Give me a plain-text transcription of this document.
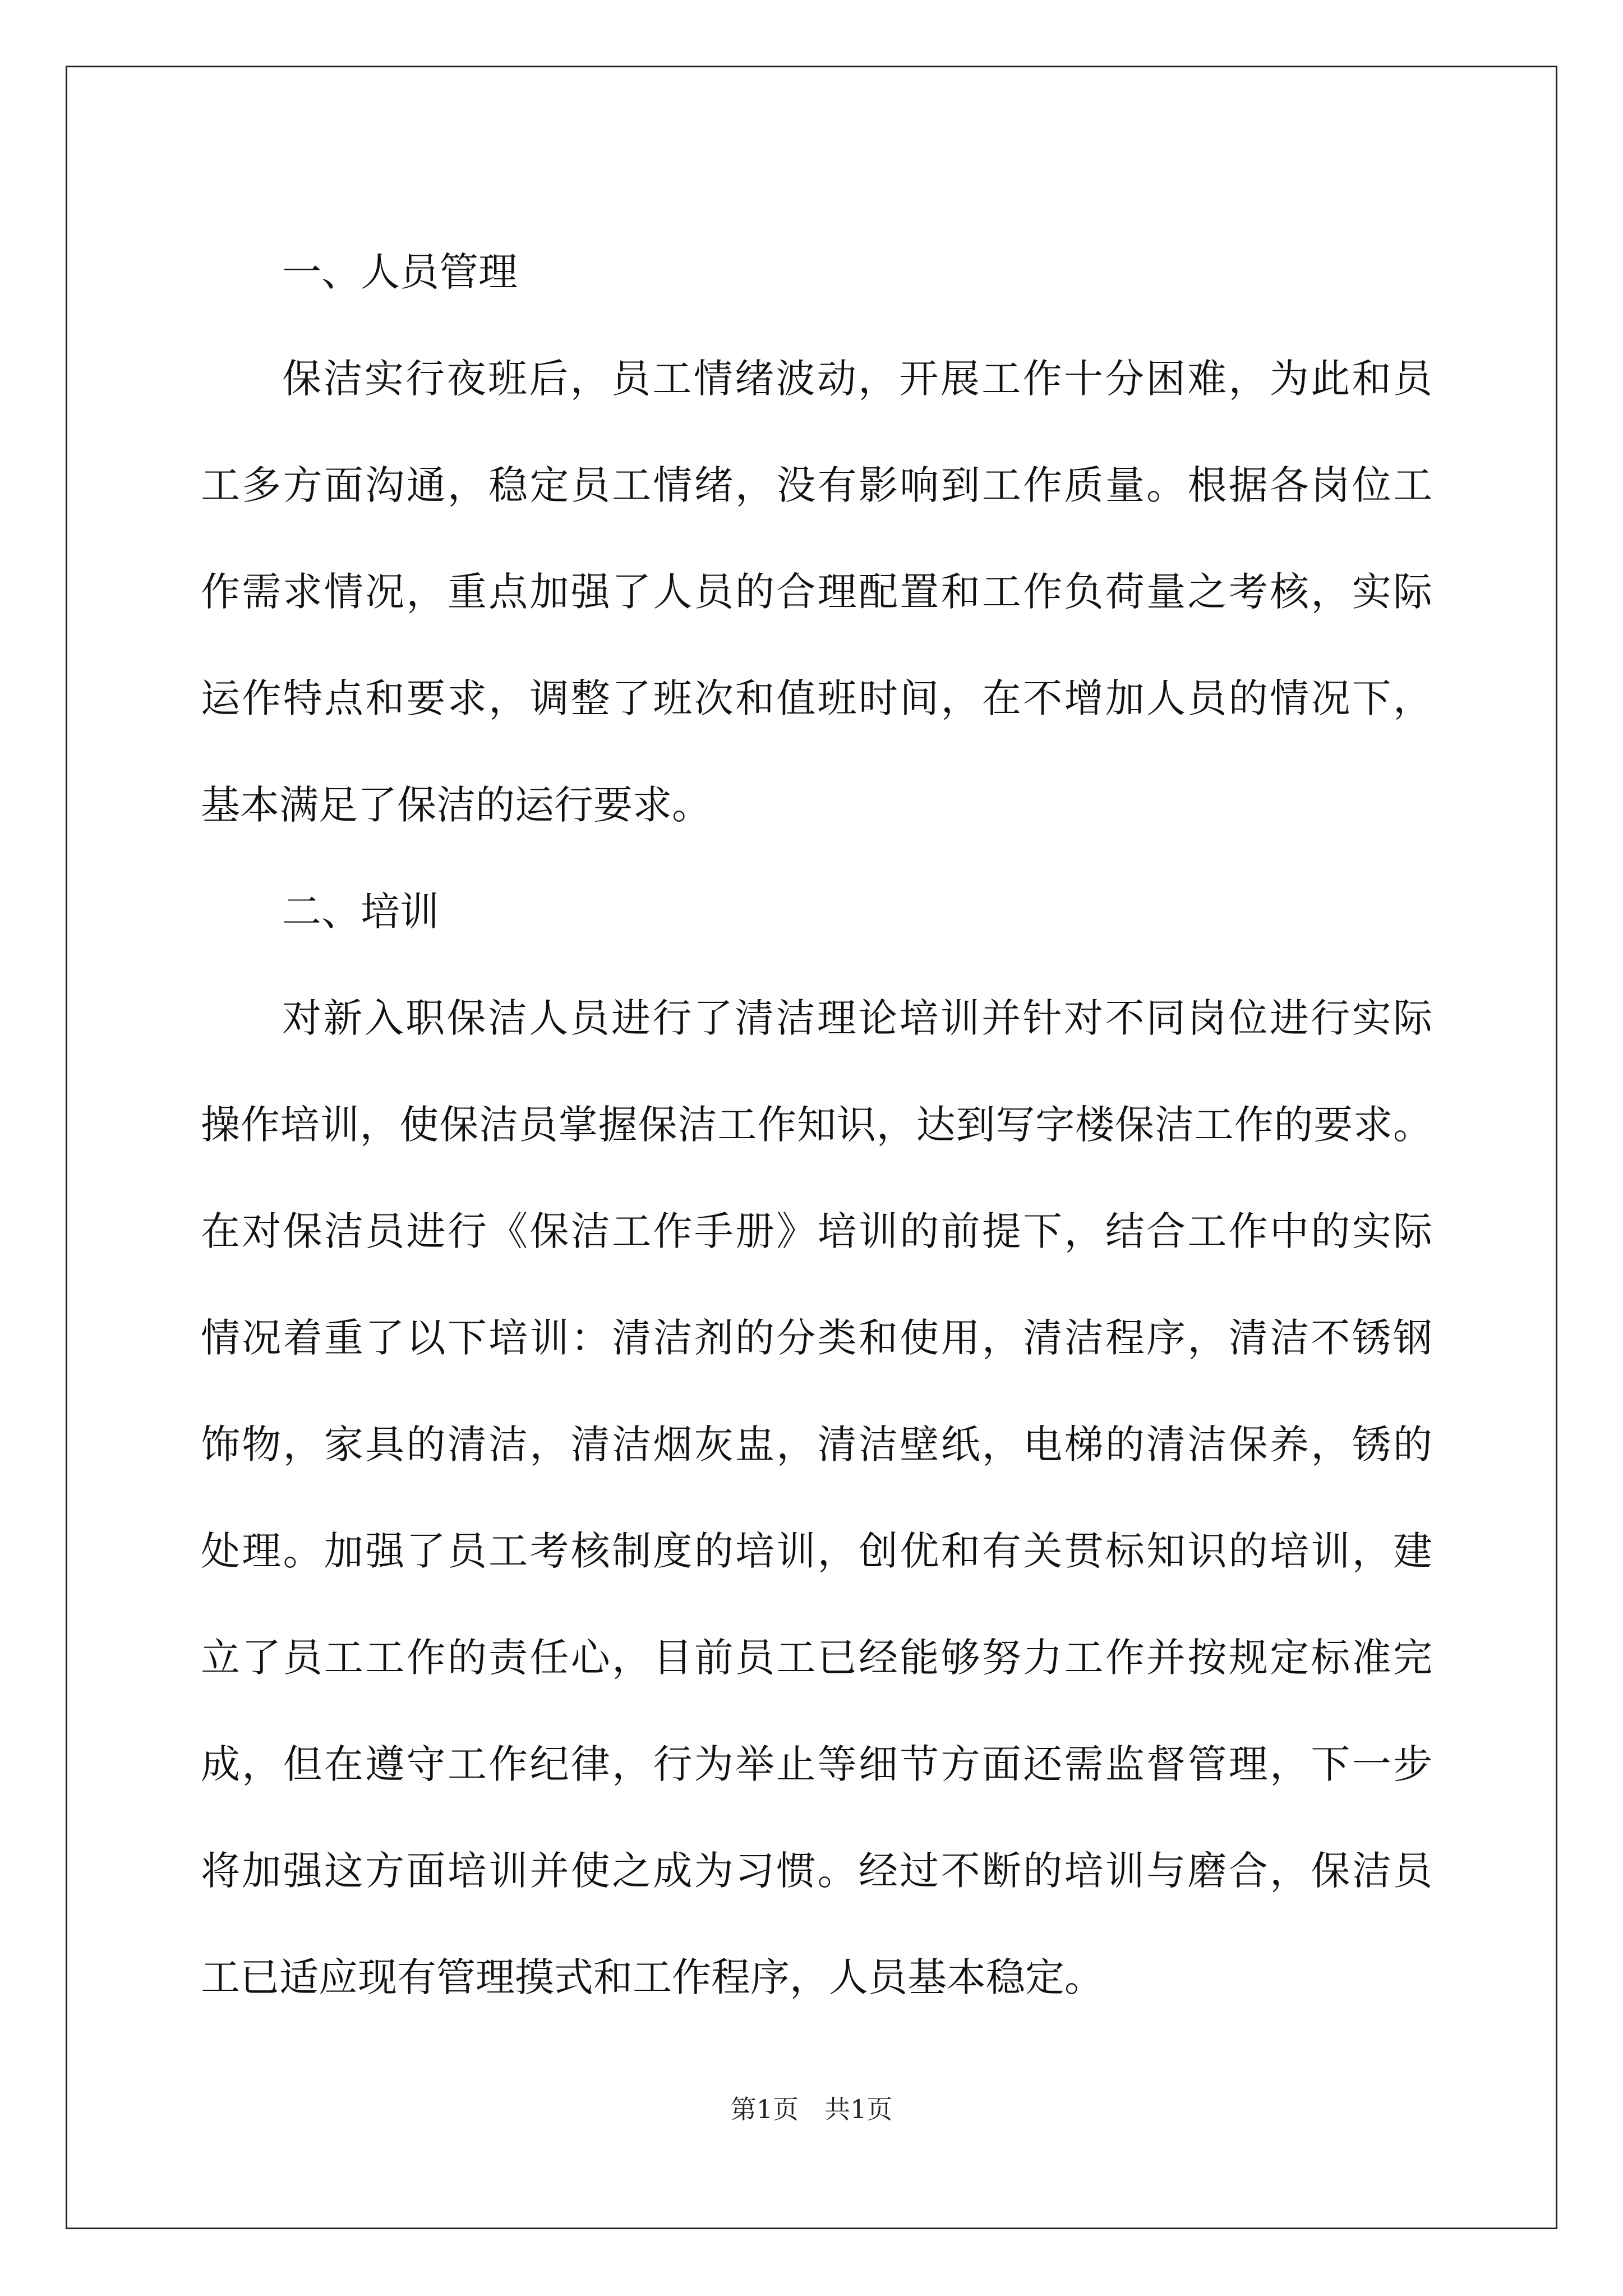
一、人员管理

保洁实行夜班后，员工情绪波动，开展工作十分困难，为此和员

工多方面沟通，稳定员工情绪，没有影响到工作质量。根据各岗位工

作需求情况，重点加强了人员的合理配置和工作负荷量之考核，实际

运作特点和要求，调整了班次和值班时间，在不增加人员的情况下，

基本满足了保洁的运行要求。

二、培训

对新入职保洁人员进行了清洁理论培训并针对不同岗位进行实际

操作培训，使保洁员掌握保洁工作知识，达到写字楼保洁工作的要求。

在对保洁员进行《保洁工作手册》培训的前提下，结合工作中的实际

情况着重了以下培训：清洁剂的分类和使用，清洁程序，清洁不锈钢

饰物，家具的清洁，清洁烟灰盅，清洁壁纸，电梯的清洁保养，锈的

处理。加强了员工考核制度的培训，创优和有关贯标知识的培训，建

立了员工工作的责任心，目前员工已经能够努力工作并按规定标准完

成，但在遵守工作纪律，行为举止等细节方面还需监督管理，下一步

将加强这方面培训并使之成为习惯。经过不断的培训与磨合，保洁员

工已适应现有管理摸式和工作程序，人员基本稳定。

第1页 共1页
